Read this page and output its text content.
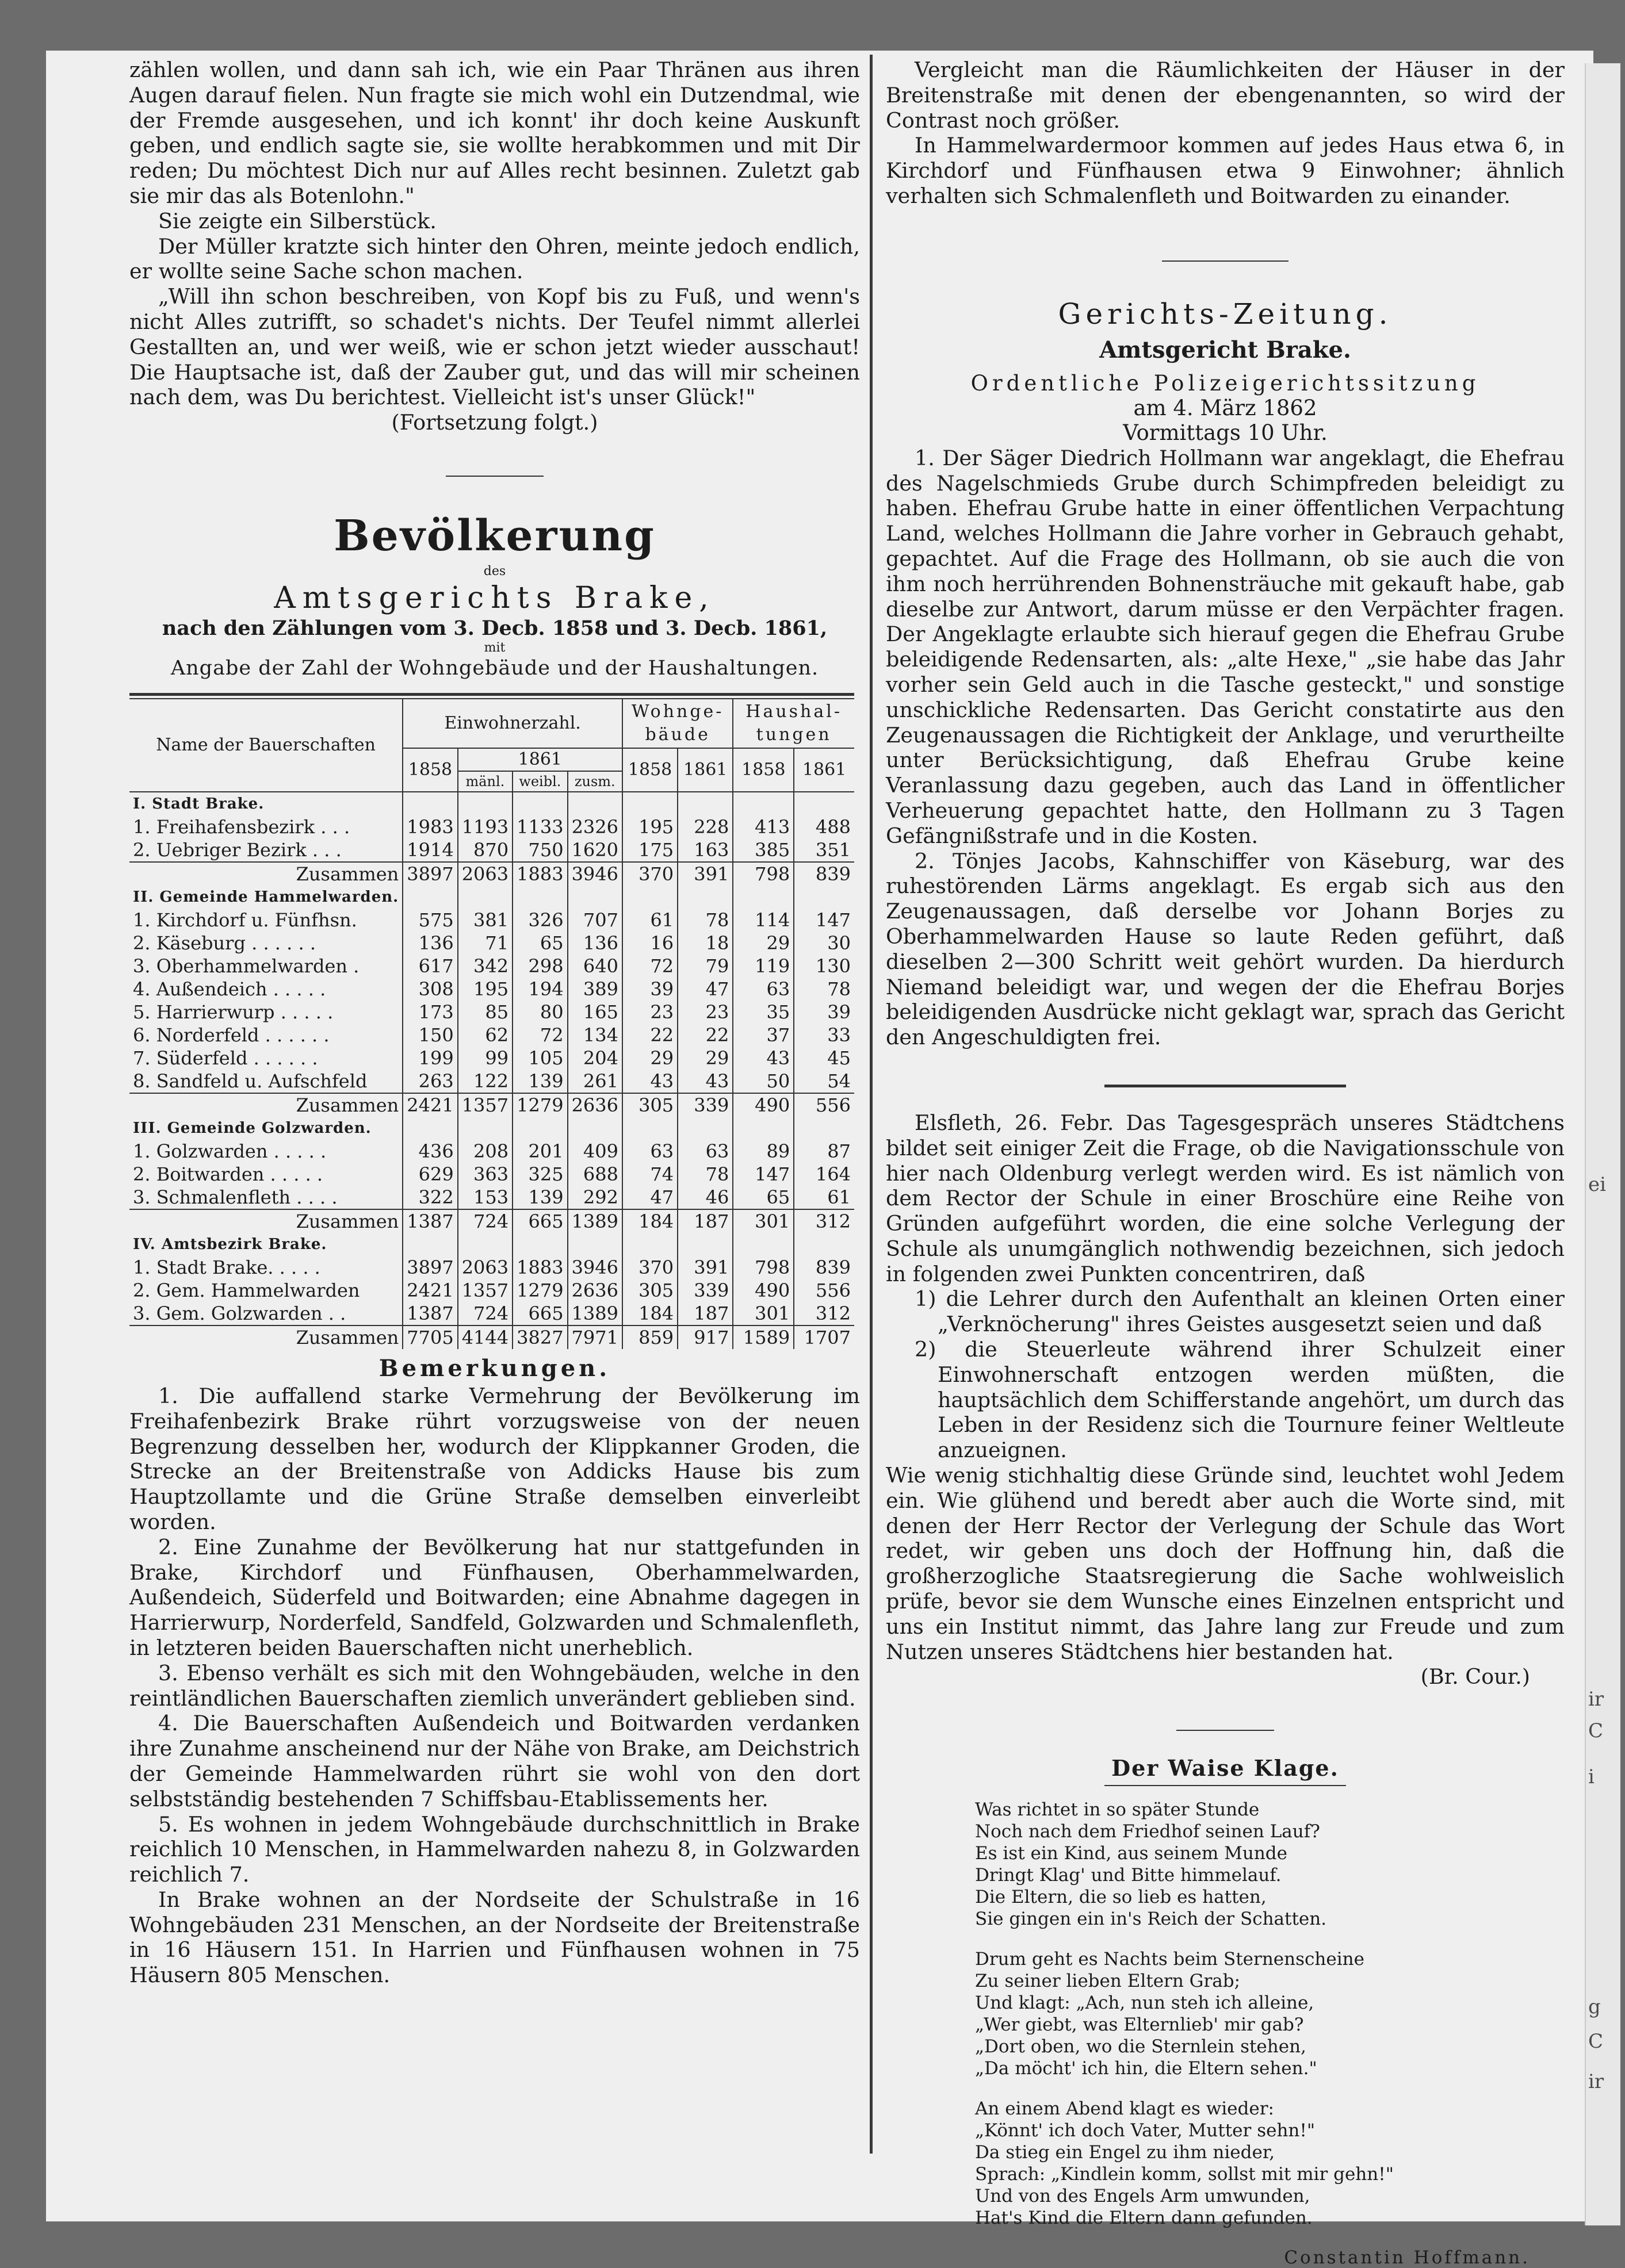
ei
ir
C
i
g
C
ir

zählen wollen, und dann sah ich, wie ein Paar Thränen aus ihren Augen darauf fielen. Nun fragte sie mich wohl ein Dutzendmal, wie der Fremde ausgesehen, und ich konnt' ihr doch keine Auskunft geben, und endlich sagte sie, sie wollte herabkommen und mit Dir reden; Du möchtest Dich nur auf Alles recht besinnen. Zuletzt gab sie mir das als Botenlohn."

Sie zeigte ein Silberstück.

Der Müller kratzte sich hinter den Ohren, meinte jedoch endlich, er wollte seine Sache schon machen.

„Will ihn schon beschreiben, von Kopf bis zu Fuß, und wenn's nicht Alles zutrifft, so schadet's nichts. Der Teufel nimmt allerlei Gestallten an, und wer weiß, wie er schon jetzt wieder ausschaut! Die Hauptsache ist, daß der Zauber gut, und das will mir scheinen nach dem, was Du berichtest. Vielleicht ist's unser Glück!"

(Fortsetzung folgt.)

Bevölkerung
des
Amtsgerichts Brake,
nach den Zählungen vom 3. Decb. 1858 und 3. Decb. 1861,
mit
Angabe der Zahl der Wohngebäude und der Haushaltungen.
Name der Bauerschaften	Einwohnerzahl.				Wohnge-bäude		Haushal-tungen	
	1858	1861
mänl. weibl. zusm.			1858	1861	1858	1861
I. Stadt Brake.								
1. Freihafensbezirk . . .	1983	1193	1133	2326	195	228	413	488
2. Uebriger Bezirk . . .	1914	870	750	1620	175	163	385	351
Zusammen	3897	2063	1883	3946	370	391	798	839
II. Gemeinde Hammelwarden.								
1. Kirchdorf u. Fünfhsn.	575	381	326	707	61	78	114	147
2. Käseburg . . . . . .	136	71	65	136	16	18	29	30
3. Oberhammelwarden .	617	342	298	640	72	79	119	130
4. Außendeich . . . . .	308	195	194	389	39	47	63	78
5. Harrierwurp . . . . .	173	85	80	165	23	23	35	39
6. Norderfeld . . . . . .	150	62	72	134	22	22	37	33
7. Süderfeld . . . . . .	199	99	105	204	29	29	43	45
8. Sandfeld u. Aufschfeld	263	122	139	261	43	43	50	54
Zusammen	2421	1357	1279	2636	305	339	490	556
III. Gemeinde Golzwarden.								
1. Golzwarden . . . . .	436	208	201	409	63	63	89	87
2. Boitwarden . . . . .	629	363	325	688	74	78	147	164
3. Schmalenfleth . . . .	322	153	139	292	47	46	65	61
Zusammen	1387	724	665	1389	184	187	301	312
IV. Amtsbezirk Brake.								
1. Stadt Brake. . . . .	3897	2063	1883	3946	370	391	798	839
2. Gem. Hammelwarden	2421	1357	1279	2636	305	339	490	556
3. Gem. Golzwarden . .	1387	724	665	1389	184	187	301	312
Zusammen	7705	4144	3827	7971	859	917	1589	1707
Bemerkungen.

1. Die auffallend starke Vermehrung der Bevölkerung im Freihafenbezirk Brake rührt vorzugsweise von der neuen Begrenzung desselben her, wodurch der Klippkanner Groden, die Strecke an der Breitenstraße von Addicks Hause bis zum Hauptzollamte und die Grüne Straße demselben einverleibt worden.

2. Eine Zunahme der Bevölkerung hat nur stattgefunden in Brake, Kirchdorf und Fünfhausen, Oberhammelwarden, Außendeich, Süderfeld und Boitwarden; eine Abnahme dagegen in Harrierwurp, Norderfeld, Sandfeld, Golzwarden und Schmalenfleth, in letzteren beiden Bauerschaften nicht unerheblich.

3. Ebenso verhält es sich mit den Wohngebäuden, welche in den reintländlichen Bauerschaften ziemlich unverändert geblieben sind.

4. Die Bauerschaften Außendeich und Boitwarden verdanken ihre Zunahme anscheinend nur der Nähe von Brake, am Deichstrich der Gemeinde Hammelwarden rührt sie wohl von den dort selbstständig bestehenden 7 Schiffsbau-Etablissements her.

5. Es wohnen in jedem Wohngebäude durchschnittlich in Brake reichlich 10 Menschen, in Hammelwarden nahezu 8, in Golzwarden reichlich 7.

In Brake wohnen an der Nordseite der Schulstraße in 16 Wohngebäuden 231 Menschen, an der Nordseite der Breitenstraße in 16 Häusern 151. In Harrien und Fünfhausen wohnen in 75 Häusern 805 Menschen.

Vergleicht man die Räumlichkeiten der Häuser in der Breitenstraße mit denen der ebengenannten, so wird der Contrast noch größer.

In Hammelwardermoor kommen auf jedes Haus etwa 6, in Kirchdorf und Fünfhausen etwa 9 Einwohner; ähnlich verhalten sich Schmalenfleth und Boitwarden zu einander.

Gerichts-Zeitung.
Amtsgericht Brake.
Ordentliche Polizeigerichtssitzung
am 4. März 1862
Vormittags 10 Uhr.

1. Der Säger Diedrich Hollmann war angeklagt, die Ehefrau des Nagelschmieds Grube durch Schimpfreden beleidigt zu haben. Ehefrau Grube hatte in einer öffentlichen Verpachtung Land, welches Hollmann die Jahre vorher in Gebrauch gehabt, gepachtet. Auf die Frage des Hollmann, ob sie auch die von ihm noch herrührenden Bohnensträuche mit gekauft habe, gab dieselbe zur Antwort, darum müsse er den Verpächter fragen. Der Angeklagte erlaubte sich hierauf gegen die Ehefrau Grube beleidigende Redensarten, als: „alte Hexe," „sie habe das Jahr vorher sein Geld auch in die Tasche gesteckt," und sonstige unschickliche Redensarten. Das Gericht constatirte aus den Zeugenaussagen die Richtigkeit der Anklage, und verurtheilte unter Berücksichtigung, daß Ehefrau Grube keine Veranlassung dazu gegeben, auch das Land in öffentlicher Verheuerung gepachtet hatte, den Hollmann zu 3 Tagen Gefängnißstrafe und in die Kosten.

2. Tönjes Jacobs, Kahnschiffer von Käseburg, war des ruhestörenden Lärms angeklagt. Es ergab sich aus den Zeugenaussagen, daß derselbe vor Johann Borjes zu Oberhammelwarden Hause so laute Reden geführt, daß dieselben 2—300 Schritt weit gehört wurden. Da hierdurch Niemand beleidigt war, und wegen der die Ehefrau Borjes beleidigenden Ausdrücke nicht geklagt war, sprach das Gericht den Angeschuldigten frei.

Elsfleth, 26. Febr. Das Tagesgespräch unseres Städtchens bildet seit einiger Zeit die Frage, ob die Navigationsschule von hier nach Oldenburg verlegt werden wird. Es ist nämlich von dem Rector der Schule in einer Broschüre eine Reihe von Gründen aufgeführt worden, die eine solche Verlegung der Schule als unumgänglich nothwendig bezeichnen, sich jedoch in folgenden zwei Punkten concentriren, daß

1) die Lehrer durch den Aufenthalt an kleinen Orten einer „Verknöcherung" ihres Geistes ausgesetzt seien und daß

2) die Steuerleute während ihrer Schulzeit einer Einwohnerschaft entzogen werden müßten, die hauptsächlich dem Schifferstande angehört, um durch das Leben in der Residenz sich die Tournure feiner Weltleute anzueignen.

Wie wenig stichhaltig diese Gründe sind, leuchtet wohl Jedem ein. Wie glühend und beredt aber auch die Worte sind, mit denen der Herr Rector der Verlegung der Schule das Wort redet, wir geben uns doch der Hoffnung hin, daß die großherzogliche Staatsregierung die Sache wohlweislich prüfe, bevor sie dem Wunsche eines Einzelnen entspricht und uns ein Institut nimmt, das Jahre lang zur Freude und zum Nutzen unseres Städtchens hier bestanden hat.

(Br. Cour.)

Der Waise Klage.
Was richtet in so später Stunde
Noch nach dem Friedhof seinen Lauf?
Es ist ein Kind, aus seinem Munde
Dringt Klag' und Bitte himmelauf.
Die Eltern, die so lieb es hatten,
Sie gingen ein in's Reich der Schatten.
Drum geht es Nachts beim Sternenscheine
Zu seiner lieben Eltern Grab;
Und klagt: „Ach, nun steh ich alleine,
„Wer giebt, was Elternlieb' mir gab?
„Dort oben, wo die Sternlein stehen,
„Da möcht' ich hin, die Eltern sehen."
An einem Abend klagt es wieder:
„Könnt' ich doch Vater, Mutter sehn!"
Da stieg ein Engel zu ihm nieder,
Sprach: „Kindlein komm, sollst mit mir gehn!"
Und von des Engels Arm umwunden,
Hat's Kind die Eltern dann gefunden.
Constantin Hoffmann.
